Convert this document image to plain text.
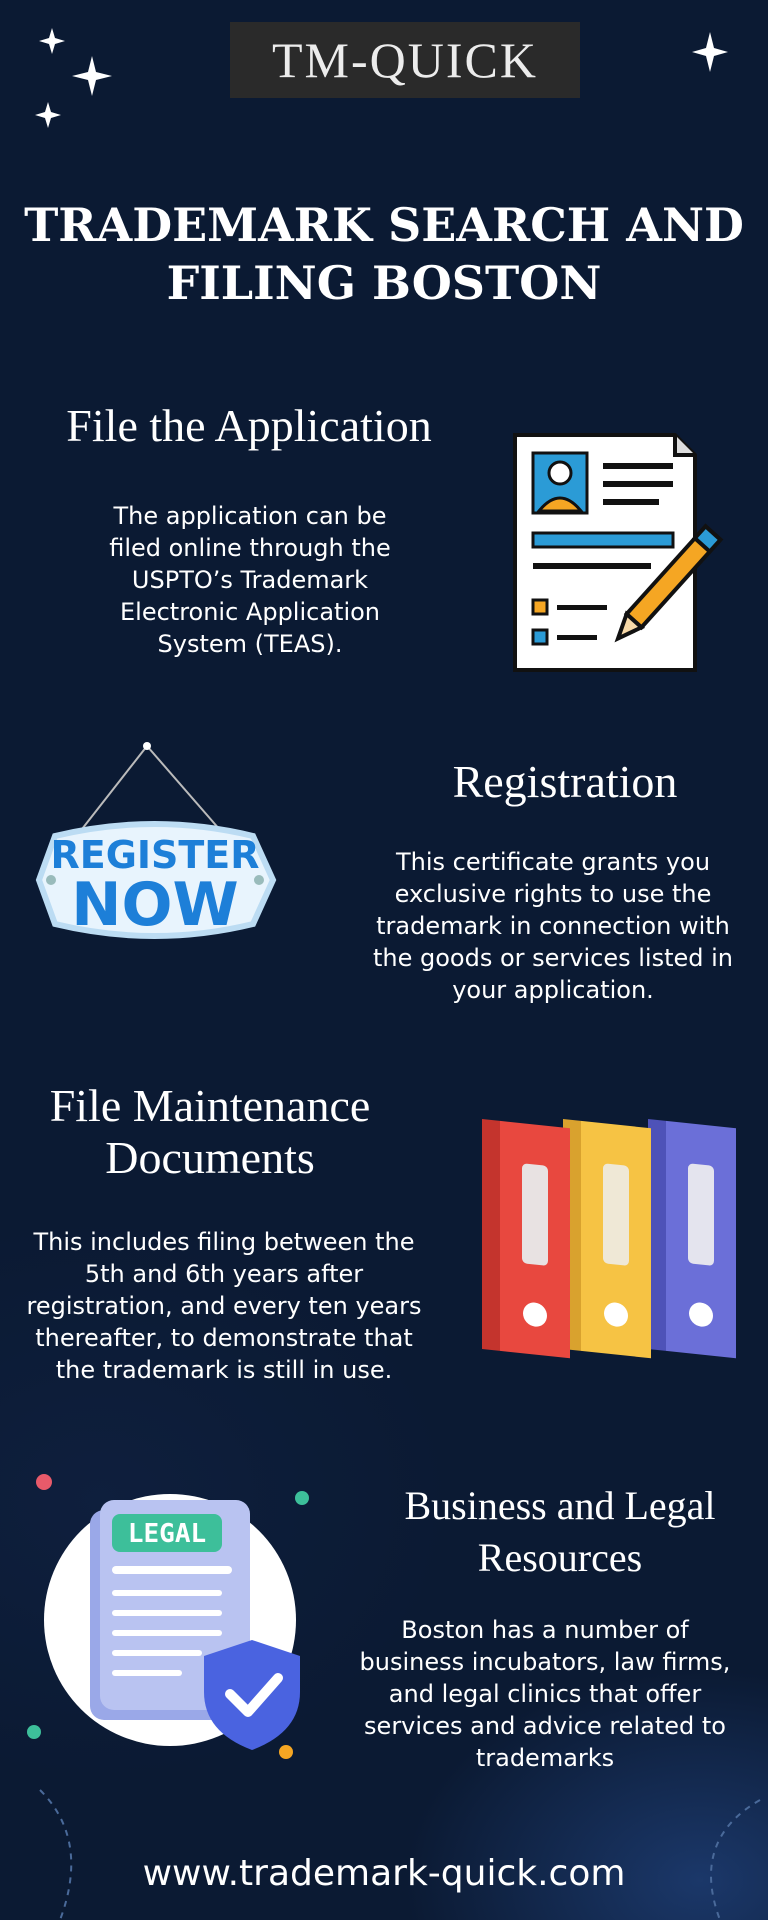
TM-QUICK
TRADEMARK SEARCH AND
FILING BOSTON
File the Application
The application can be
filed online through the
USPTO’s Trademark
Electronic Application
System (TEAS).
REGISTER
NOW
Registration
This certificate grants you
exclusive rights to use the
trademark in connection with
the goods or services listed in
your application.
File Maintenance
Documents
This includes filing between the
5th and 6th years after
registration, and every ten years
thereafter, to demonstrate that
the trademark is still in use.
LEGAL
Business and Legal
Resources
Boston has a number of
business incubators, law firms,
and legal clinics that offer
services and advice related to
trademarks
www.trademark-quick.com
